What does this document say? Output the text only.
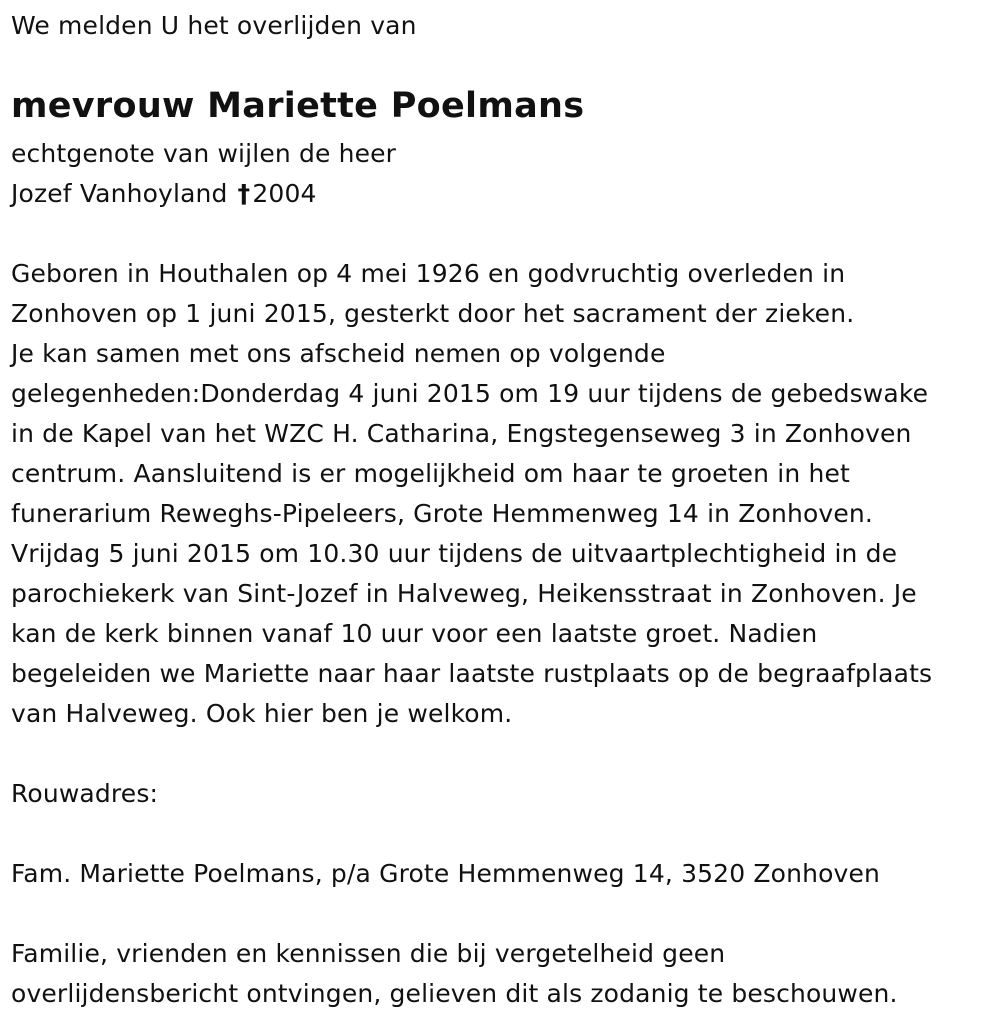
We melden U het overlijden van
mevrouw Mariette Poelmans
echtgenote van wijlen de heer
Jozef Vanhoyland †2004
Geboren in Houthalen op 4 mei 1926 en godvruchtig overleden in
Zonhoven op 1 juni 2015, gesterkt door het sacrament der zieken.
Je kan samen met ons afscheid nemen op volgende
gelegenheden:Donderdag 4 juni 2015 om 19 uur tijdens de gebedswake
in de Kapel van het WZC H. Catharina, Engstegenseweg 3 in Zonhoven
centrum. Aansluitend is er mogelijkheid om haar te groeten in het
funerarium Reweghs-Pipeleers, Grote Hemmenweg 14 in Zonhoven.
Vrijdag 5 juni 2015 om 10.30 uur tijdens de uitvaartplechtigheid in de
parochiekerk van Sint-Jozef in Halveweg, Heikensstraat in Zonhoven. Je
kan de kerk binnen vanaf 10 uur voor een laatste groet. Nadien
begeleiden we Mariette naar haar laatste rustplaats op de begraafplaats
van Halveweg. Ook hier ben je welkom.
Rouwadres:
Fam. Mariette Poelmans, p/a Grote Hemmenweg 14, 3520 Zonhoven
Familie, vrienden en kennissen die bij vergetelheid geen
overlijdensbericht ontvingen, gelieven dit als zodanig te beschouwen.
